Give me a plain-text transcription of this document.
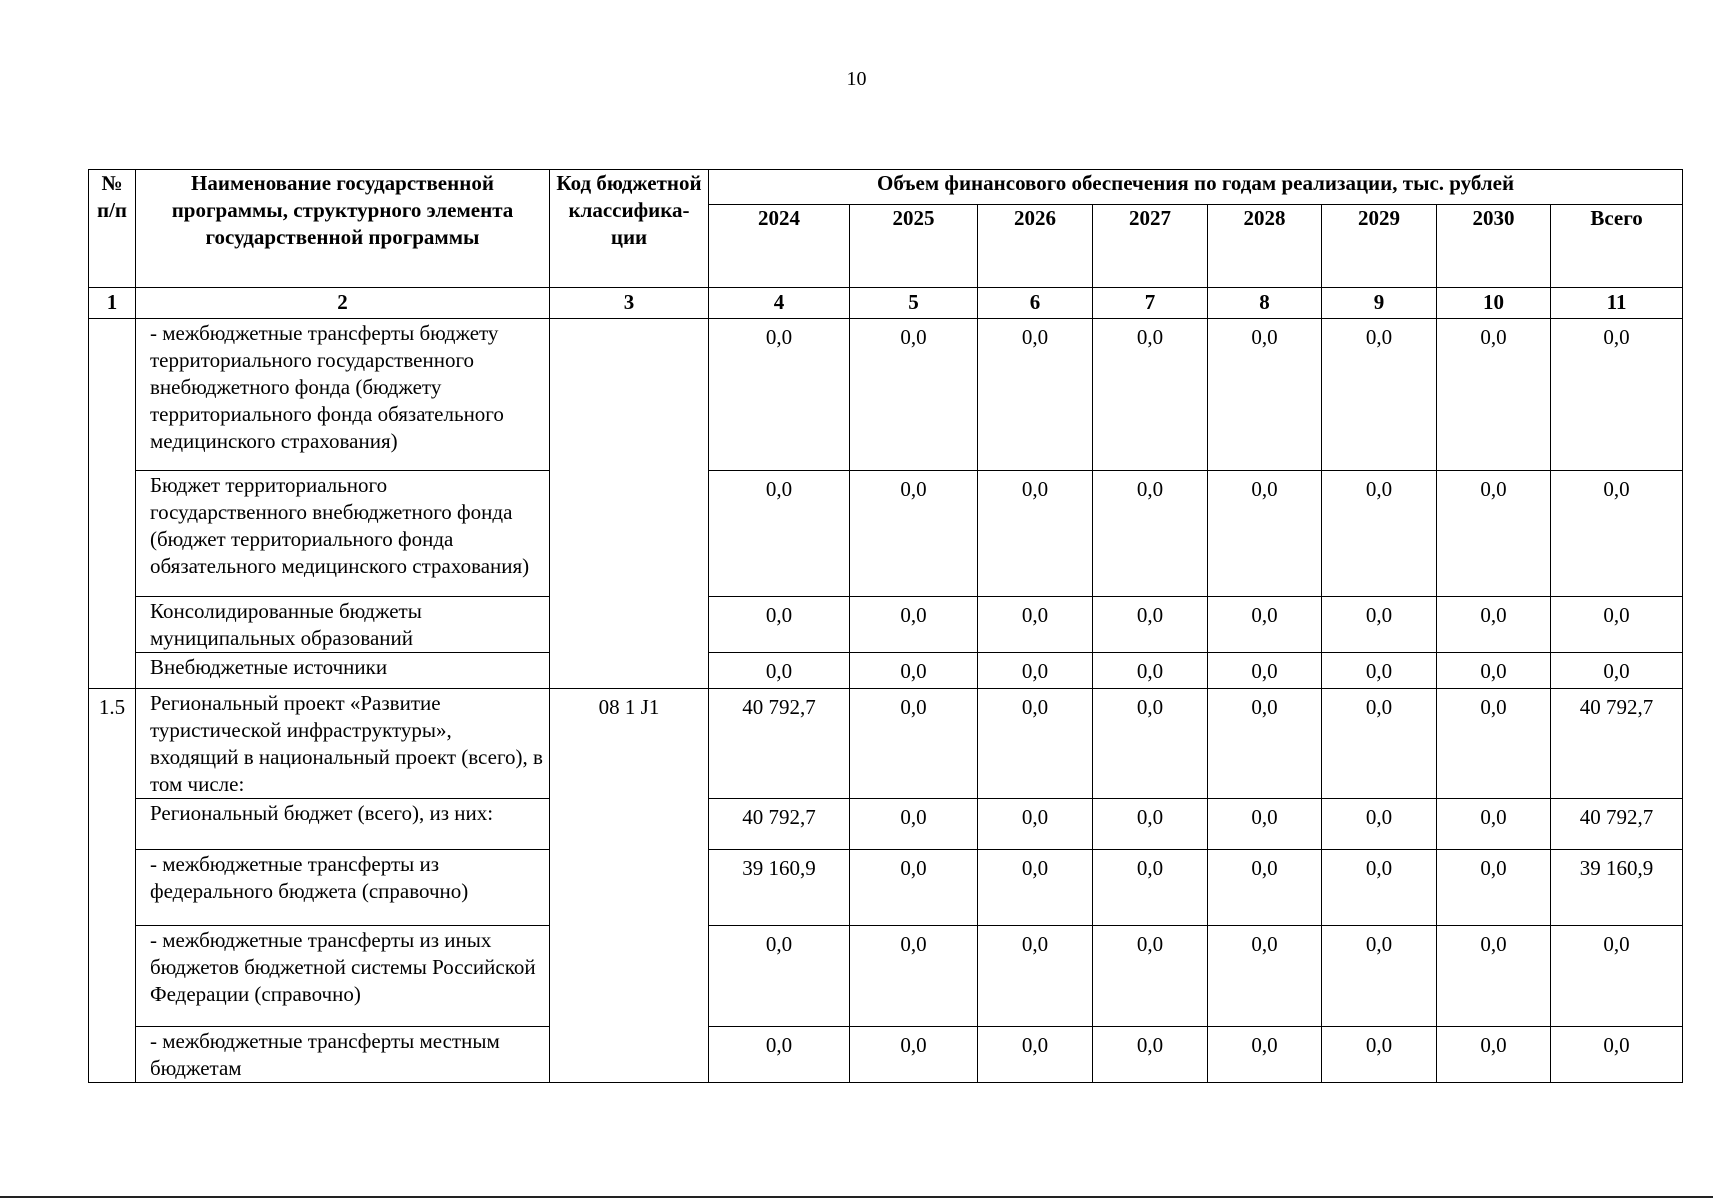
10
№ п/п	Наименование государственной программы, структурного элемента государственной программы	Код бюджетной классифика-ции	Объем финансового обеспечения по годам реализации, тыс. рублей							
			2024	2025	2026	2027	2028	2029	2030	Всего
1	2	3	4	5	6	7	8	9	10	11
	- межбюджетные трансферты бюджету территориального государственного внебюджетного фонда (бюджету территориального фонда обязательного медицинского страхования)		0,0	0,0	0,0	0,0	0,0	0,0	0,0	0,0
	Бюджет территориального государственного внебюджетного фонда (бюджет территориального фонда обязательного медицинского страхования)		0,0	0,0	0,0	0,0	0,0	0,0	0,0	0,0
	Консолидированные бюджеты муниципальных образований		0,0	0,0	0,0	0,0	0,0	0,0	0,0	0,0
	Внебюджетные источники		0,0	0,0	0,0	0,0	0,0	0,0	0,0	0,0
1.5	Региональный проект «Развитие туристической инфраструктуры», входящий в национальный проект (всего), в том числе:	08 1 J1	40 792,7	0,0	0,0	0,0	0,0	0,0	0,0	40 792,7
	Региональный бюджет (всего), из них:		40 792,7	0,0	0,0	0,0	0,0	0,0	0,0	40 792,7
	- межбюджетные трансферты из федерального бюджета (справочно)		39 160,9	0,0	0,0	0,0	0,0	0,0	0,0	39 160,9
	- межбюджетные трансферты из иных бюджетов бюджетной системы Российской Федерации (справочно)		0,0	0,0	0,0	0,0	0,0	0,0	0,0	0,0
	- межбюджетные трансферты местным бюджетам		0,0	0,0	0,0	0,0	0,0	0,0	0,0	0,0
